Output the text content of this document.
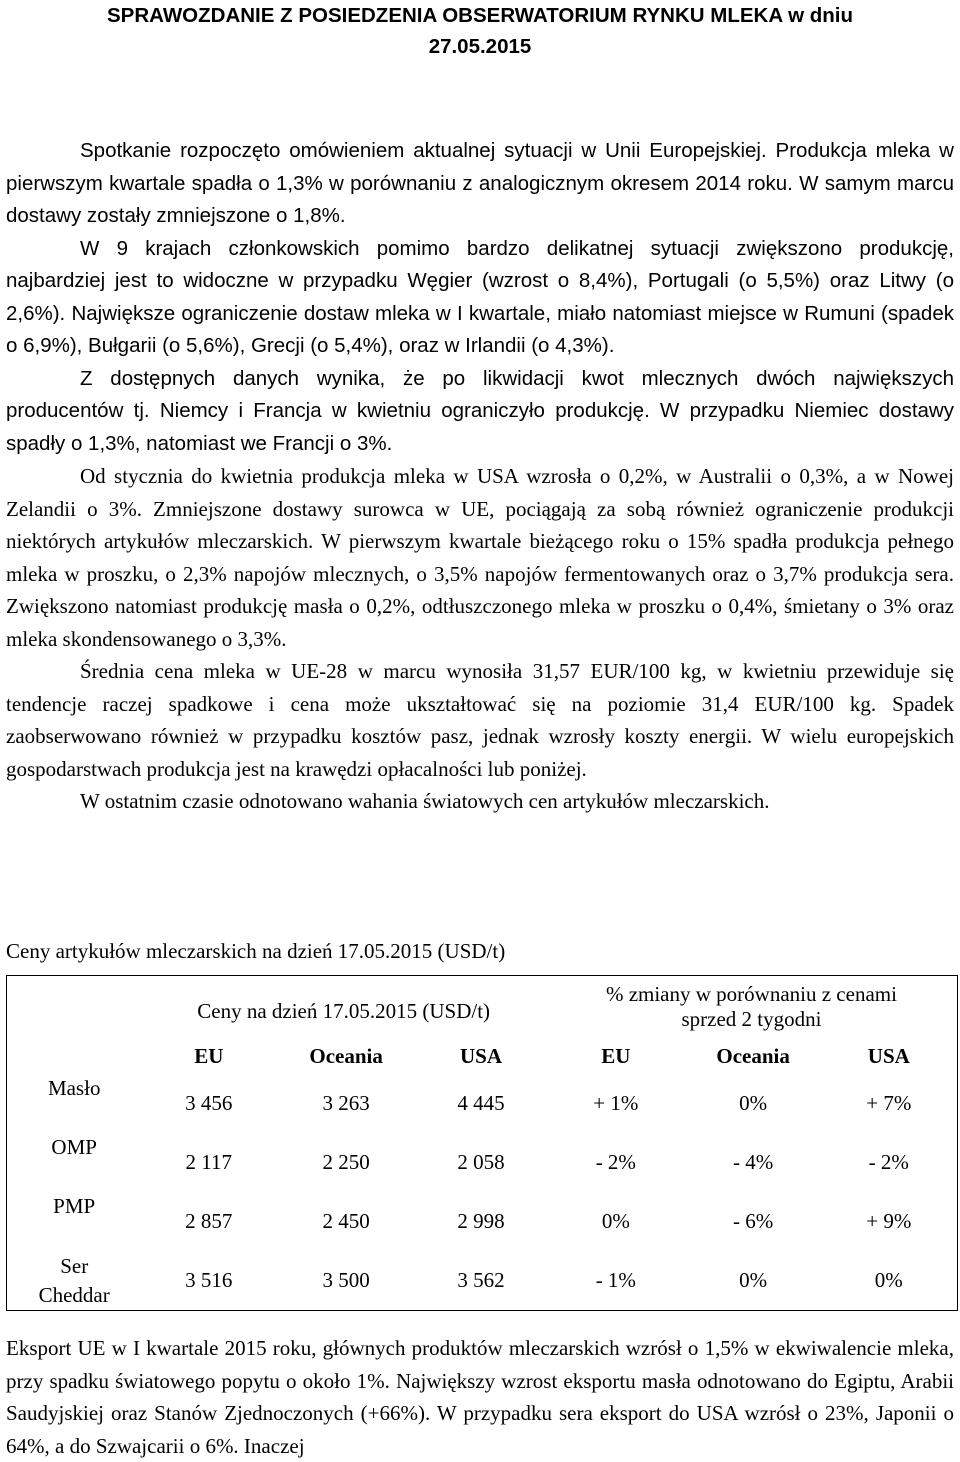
SPRAWOZDANIE Z POSIEDZENIA OBSERWATORIUM RYNKU MLEKA w dniu
27.05.2015

Spotkanie rozpoczęto omówieniem aktualnej sytuacji w Unii Europejskiej. Produkcja mleka w pierwszym kwartale spadła o 1,3% w porównaniu z analogicznym okresem 2014 roku. W samym marcu dostawy zostały zmniejszone o 1,8%.

W 9 krajach członkowskich pomimo bardzo delikatnej sytuacji zwiększono produkcję, najbardziej jest to widoczne w przypadku Węgier (wzrost o 8,4%), Portugali (o 5,5%) oraz Litwy (o 2,6%). Największe ograniczenie dostaw mleka w I kwartale, miało natomiast miejsce w Rumuni (spadek o 6,9%), Bułgarii (o 5,6%), Grecji (o 5,4%), oraz w Irlandii (o 4,3%).

Z dostępnych danych wynika, że po likwidacji kwot mlecznych dwóch największych producentów tj. Niemcy i Francja w kwietniu ograniczyło produkcję. W przypadku Niemiec dostawy spadły o 1,3%, natomiast we Francji o 3%.

Od stycznia do kwietnia produkcja mleka w USA wzrosła o 0,2%, w Australii o 0,3%, a w Nowej Zelandii o 3%. Zmniejszone dostawy surowca w UE, pociągają za sobą również ograniczenie produkcji niektórych artykułów mleczarskich. W pierwszym kwartale bieżącego roku o 15% spadła produkcja pełnego mleka w proszku, o 2,3% napojów mlecznych, o 3,5% napojów fermentowanych oraz o 3,7% produkcja sera. Zwiększono natomiast produkcję masła o 0,2%, odtłuszczonego mleka w proszku o 0,4%, śmietany o 3% oraz mleka skondensowanego o 3,3%.

Średnia cena mleka w UE-28 w marcu wynosiła 31,57 EUR/100 kg, w kwietniu przewiduje się tendencje raczej spadkowe i cena może ukształtować się na poziomie 31,4 EUR/100 kg. Spadek zaobserwowano również w przypadku kosztów pasz, jednak wzrosły koszty energii. W wielu europejskich gospodarstwach produkcja jest na krawędzi opłacalności lub poniżej.

W ostatnim czasie odnotowano wahania światowych cen artykułów mleczarskich.

Ceny artykułów mleczarskich na dzień 17.05.2015 (USD/t)

	Ceny na dzień 17.05.2015 (USD/t)			% zmiany w porównaniu z cenami
sprzed 2 tygodni		

	EU	Oceania	USA	EU	Oceania	USA
Masło	3 456	3 263	4 445	+ 1%	0%	+ 7%
OMP	2 117	2 250	2 058	- 2%	- 4%	- 2%
PMP	2 857	2 450	2 998	0%	- 6%	+ 9%

Ser
Cheddar	3 516	3 500	3 562	- 1%	0%	0%

Eksport UE w I kwartale 2015 roku, głównych produktów mleczarskich wzrósł o 1,5% w ekwiwalencie mleka, przy spadku światowego popytu o około 1%. Największy wzrost eksportu masła odnotowano do Egiptu, Arabii Saudyjskiej oraz Stanów Zjednoczonych (+66%). W przypadku sera eksport do USA wzrósł o 23%, Japonii o 64%, a do Szwajcarii o 6%. Inaczej
